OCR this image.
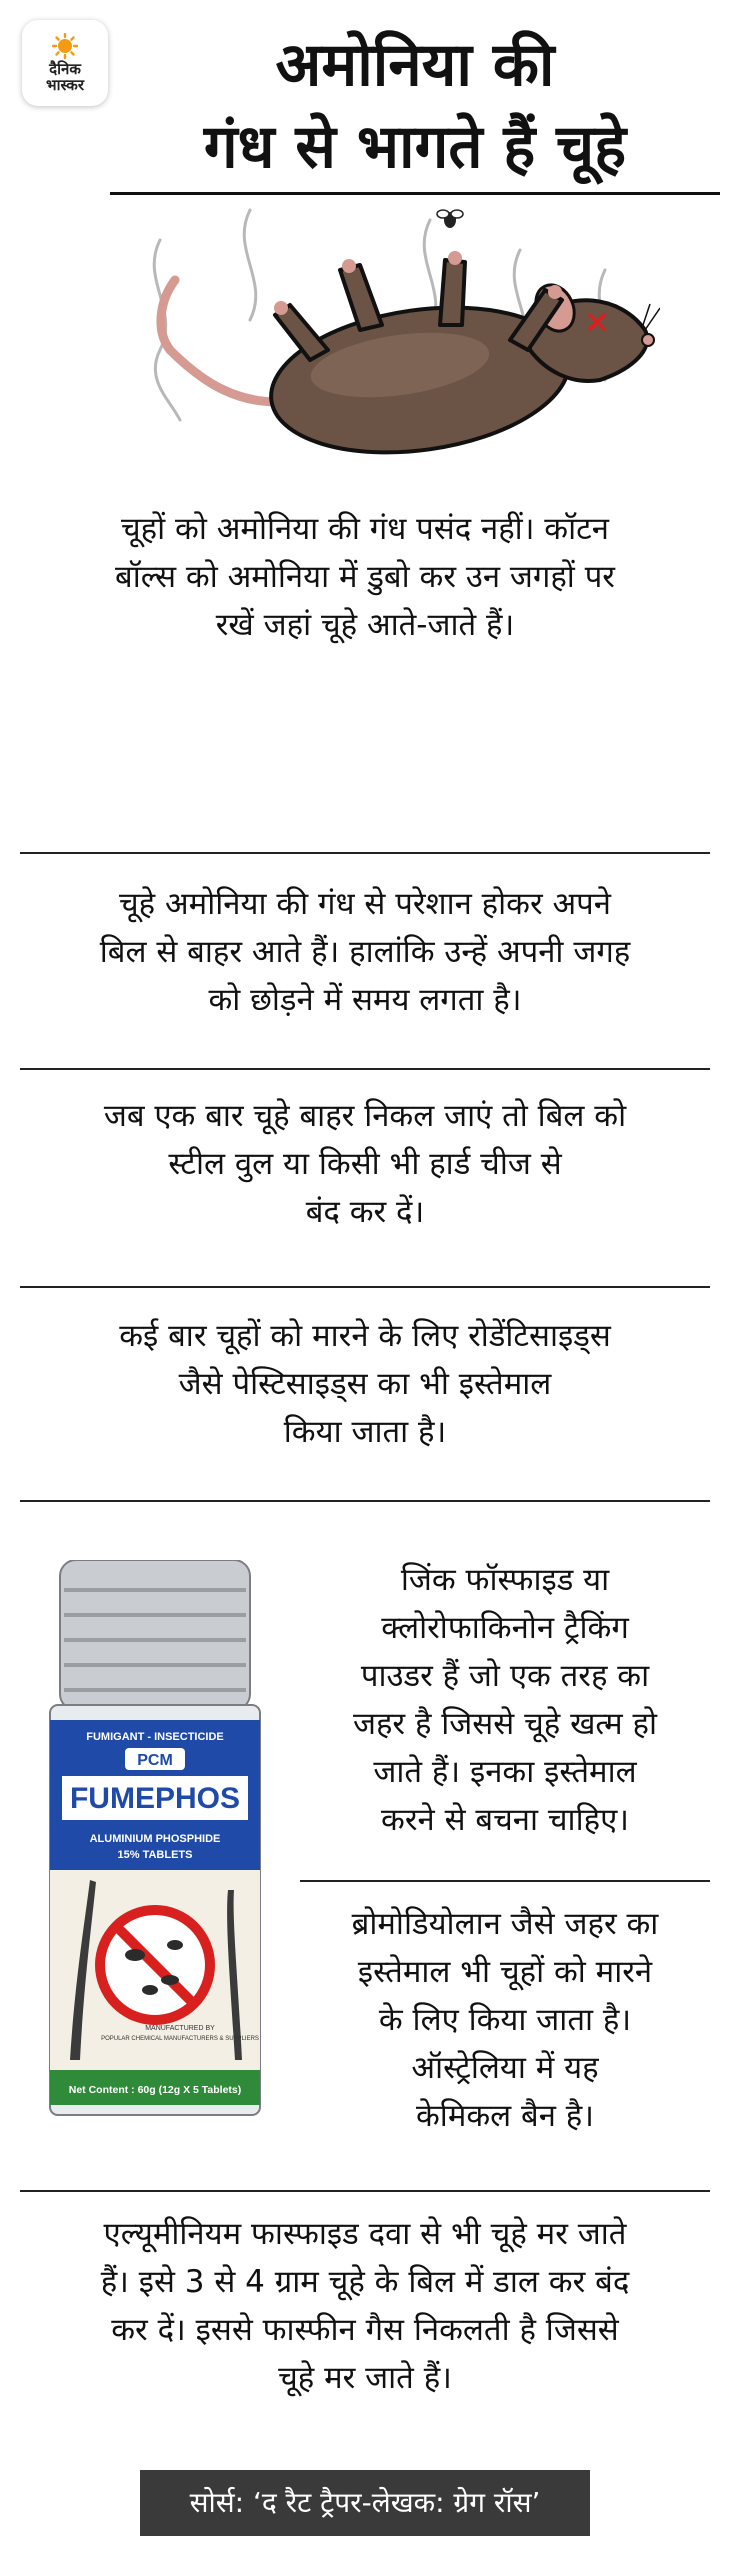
दैनिक
भास्कर	अमोनिया की
गंध से भागते हैं चूहे
चूहों को अमोनिया की गंध पसंद नहीं। कॉटन
बॉल्स को अमोनिया में डुबो कर उन जगहों पर
रखें जहां चूहे आते-जाते हैं।
चूहे अमोनिया की गंध से परेशान होकर अपने
बिल से बाहर आते हैं। हालांकि उन्हें अपनी जगह
को छोड़ने में समय लगता है।
जब एक बार चूहे बाहर निकल जाएं तो बिल को
स्टील वुल या किसी भी हार्ड चीज से
बंद कर दें।
कई बार चूहों को मारने के लिए रोडेंटिसाइड्स
जैसे पेस्टिसाइड्स का भी इस्तेमाल
किया जाता है।
FUMIGANT - INSECTICIDE
PCM
FUMEPHOS
ALUMINIUM PHOSPHIDE
15% TABLETS
MANUFACTURED BY
POPULAR CHEMICAL MANUFACTURERS & SUPPLIERS
Net Content : 60g (12g X 5 Tablets)
जिंक फॉस्फाइड या
क्लोरोफाकिनोन ट्रैकिंग
पाउडर हैं जो एक तरह का
जहर है जिससे चूहे खत्म हो
जाते हैं। इनका इस्तेमाल
करने से बचना चाहिए।
ब्रोमोडियोलान जैसे जहर का
इस्तेमाल भी चूहों को मारने
के लिए किया जाता है।
ऑस्ट्रेलिया में यह
केमिकल बैन है।
एल्यूमीनियम फास्फाइड दवा से भी चूहे मर जाते
हैं। इसे 3 से 4 ग्राम चूहे के बिल में डाल कर बंद
कर दें। इससे फास्फीन गैस निकलती है जिससे
चूहे मर जाते हैं।
सोर्स: ‘द रैट ट्रैपर-लेखक: ग्रेग रॉस’
